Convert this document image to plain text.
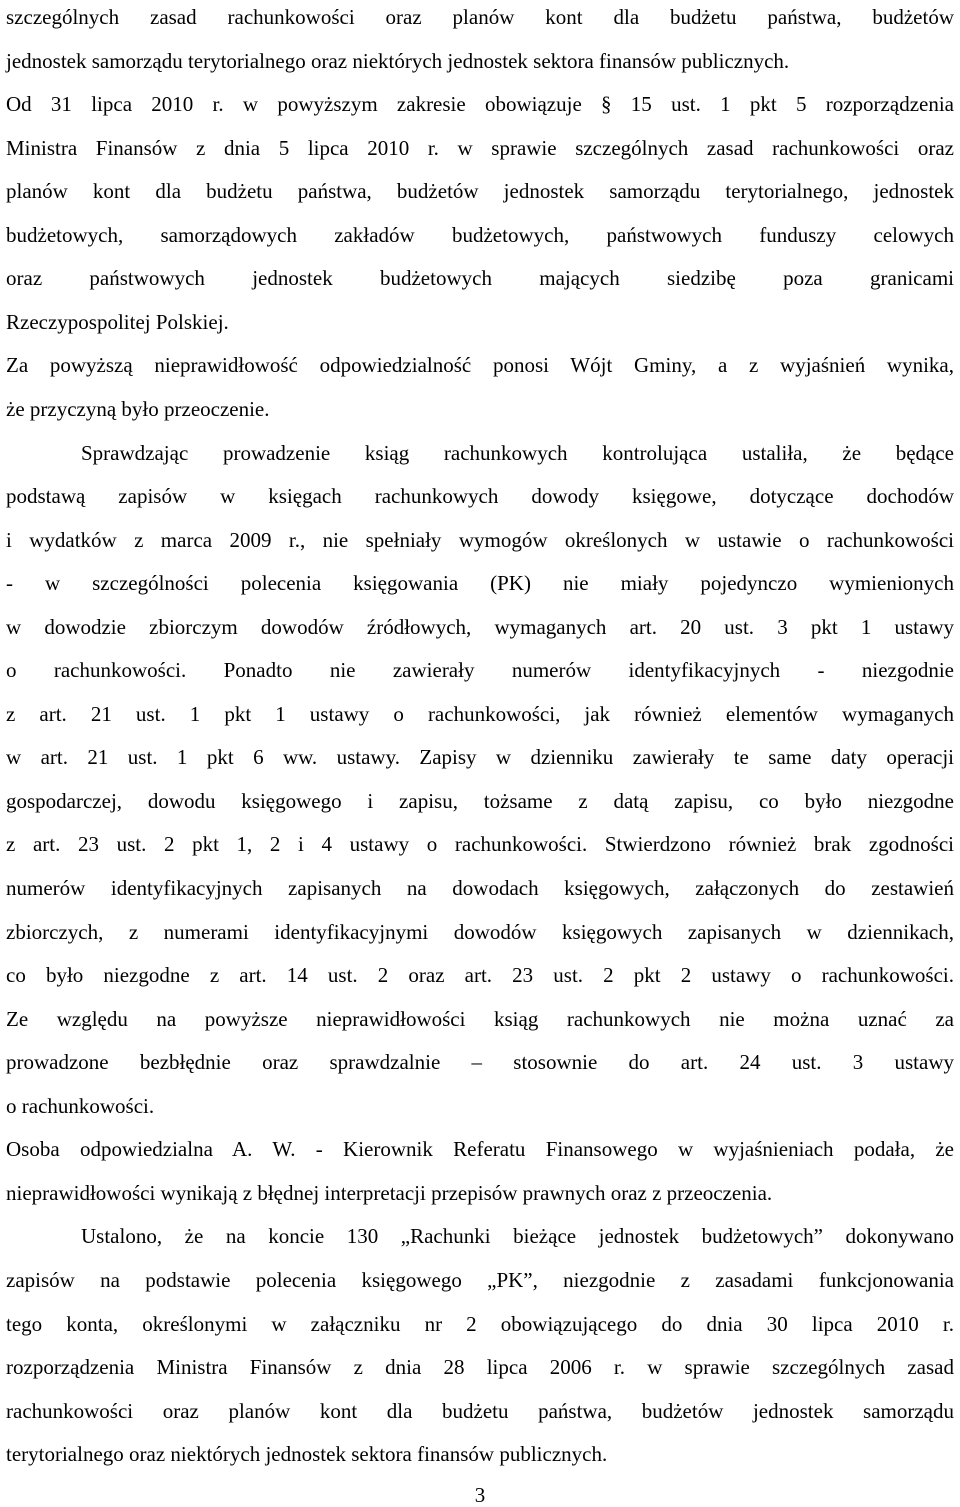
szczególnych zasad rachunkowości oraz planów kont dla budżetu państwa, budżetów
jednostek samorządu terytorialnego oraz niektórych jednostek sektora finansów publicznych.
Od 31 lipca 2010 r. w powyższym zakresie obowiązuje § 15 ust. 1 pkt 5 rozporządzenia
Ministra Finansów z dnia 5 lipca 2010 r. w sprawie szczególnych zasad rachunkowości oraz
planów kont dla budżetu państwa, budżetów jednostek samorządu terytorialnego, jednostek
budżetowych, samorządowych zakładów budżetowych, państwowych funduszy celowych
oraz państwowych jednostek budżetowych mających siedzibę poza granicami
Rzeczypospolitej Polskiej.
Za powyższą nieprawidłowość odpowiedzialność ponosi Wójt Gminy, a z wyjaśnień wynika,
że przyczyną było przeoczenie.
Sprawdzając prowadzenie ksiąg rachunkowych kontrolująca ustaliła, że będące
podstawą zapisów w księgach rachunkowych dowody księgowe, dotyczące dochodów
i wydatków z marca 2009 r., nie spełniały wymogów określonych w ustawie o rachunkowości
- w szczególności polecenia księgowania (PK) nie miały pojedynczo wymienionych
w dowodzie zbiorczym dowodów źródłowych, wymaganych art. 20 ust. 3 pkt 1 ustawy
o rachunkowości. Ponadto nie zawierały numerów identyfikacyjnych - niezgodnie
z art. 21 ust. 1 pkt 1 ustawy o rachunkowości, jak również elementów wymaganych
w art. 21 ust. 1 pkt 6 ww. ustawy. Zapisy w dzienniku zawierały te same daty operacji
gospodarczej, dowodu księgowego i zapisu, tożsame z datą zapisu, co było niezgodne
z art. 23 ust. 2 pkt 1, 2 i 4 ustawy o rachunkowości. Stwierdzono również brak zgodności
numerów identyfikacyjnych zapisanych na dowodach księgowych, załączonych do zestawień
zbiorczych, z numerami identyfikacyjnymi dowodów księgowych zapisanych w dziennikach,
co było niezgodne z art. 14 ust. 2 oraz art. 23 ust. 2 pkt 2 ustawy o rachunkowości.
Ze względu na powyższe nieprawidłowości ksiąg rachunkowych nie można uznać za
prowadzone bezbłędnie oraz sprawdzalnie – stosownie do art. 24 ust. 3 ustawy
o rachunkowości.
Osoba odpowiedzialna A. W. - Kierownik Referatu Finansowego w wyjaśnieniach podała, że
nieprawidłowości wynikają z błędnej interpretacji przepisów prawnych oraz z przeoczenia.
Ustalono, że na koncie 130 „Rachunki bieżące jednostek budżetowych” dokonywano
zapisów na podstawie polecenia księgowego „PK”, niezgodnie z zasadami funkcjonowania
tego konta, określonymi w załączniku nr 2 obowiązującego do dnia 30 lipca 2010 r.
rozporządzenia Ministra Finansów z dnia 28 lipca 2006 r. w sprawie szczególnych zasad
rachunkowości oraz planów kont dla budżetu państwa, budżetów jednostek samorządu
terytorialnego oraz niektórych jednostek sektora finansów publicznych.
3
